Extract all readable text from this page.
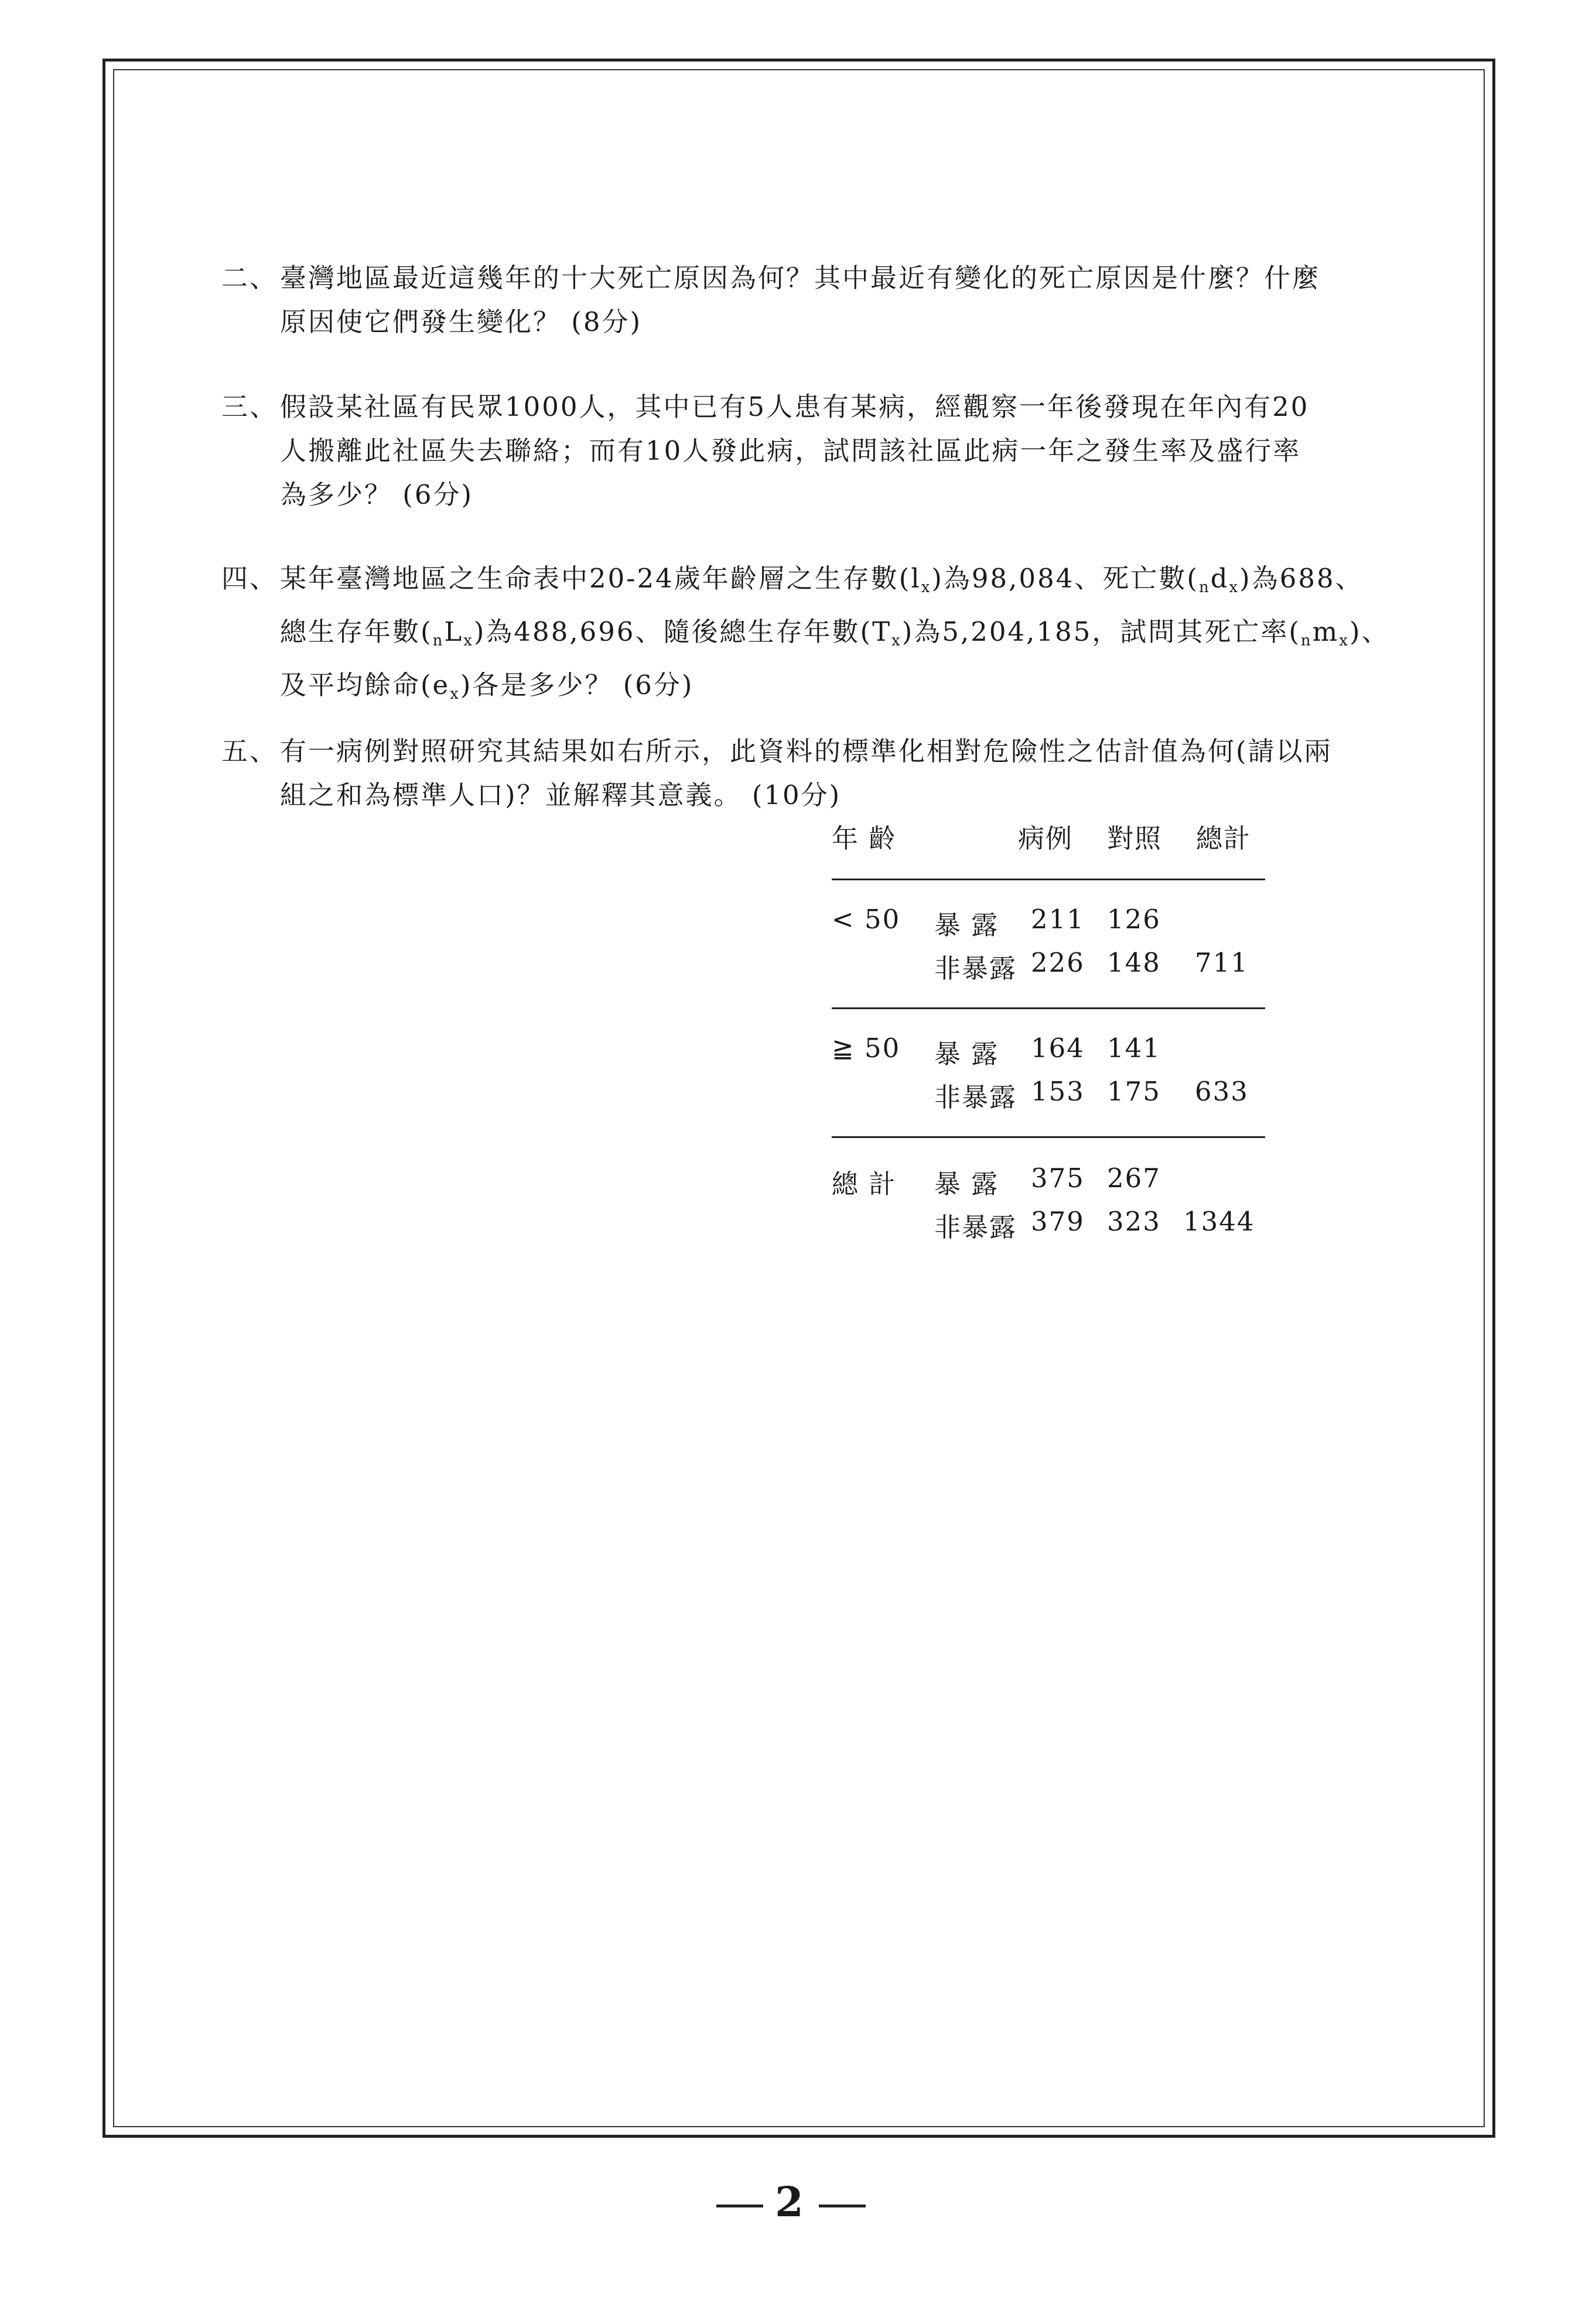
二、臺灣地區最近這幾年的十大死亡原因為何？其中最近有變化的死亡原因是什麼？什麼
原因使它們發生變化？ (8分)
三、假設某社區有民眾1000人，其中已有5人患有某病，經觀察一年後發現在年內有20
人搬離此社區失去聯絡；而有10人發此病，試問該社區此病一年之發生率及盛行率
為多少？ (6分)
四、某年臺灣地區之生命表中20-24歲年齡層之生存數$(l_x)$為98,084、死亡數$(_nd_x)$為688、
總生存年數$(_nL_x)$為488,696、隨後總生存年數$(T_x)$為5,204,185，試問其死亡率$(_nm_x)$、
及平均餘命$(e_x)$各是多少？ (6分)
五、有一病例對照研究其結果如右所示，此資料的標準化相對危險性之估計值為何(請以兩
組之和為標準人口)？並解釋其意義。 (10分)
年 齡	病例 對照 總計
< 50 暴 露 211 126
非暴露 226 148 711
≧ 50 暴 露 164 141
非暴露 153 175 633
總 計 暴 露 375 267
非暴露 379 323 1344
2
